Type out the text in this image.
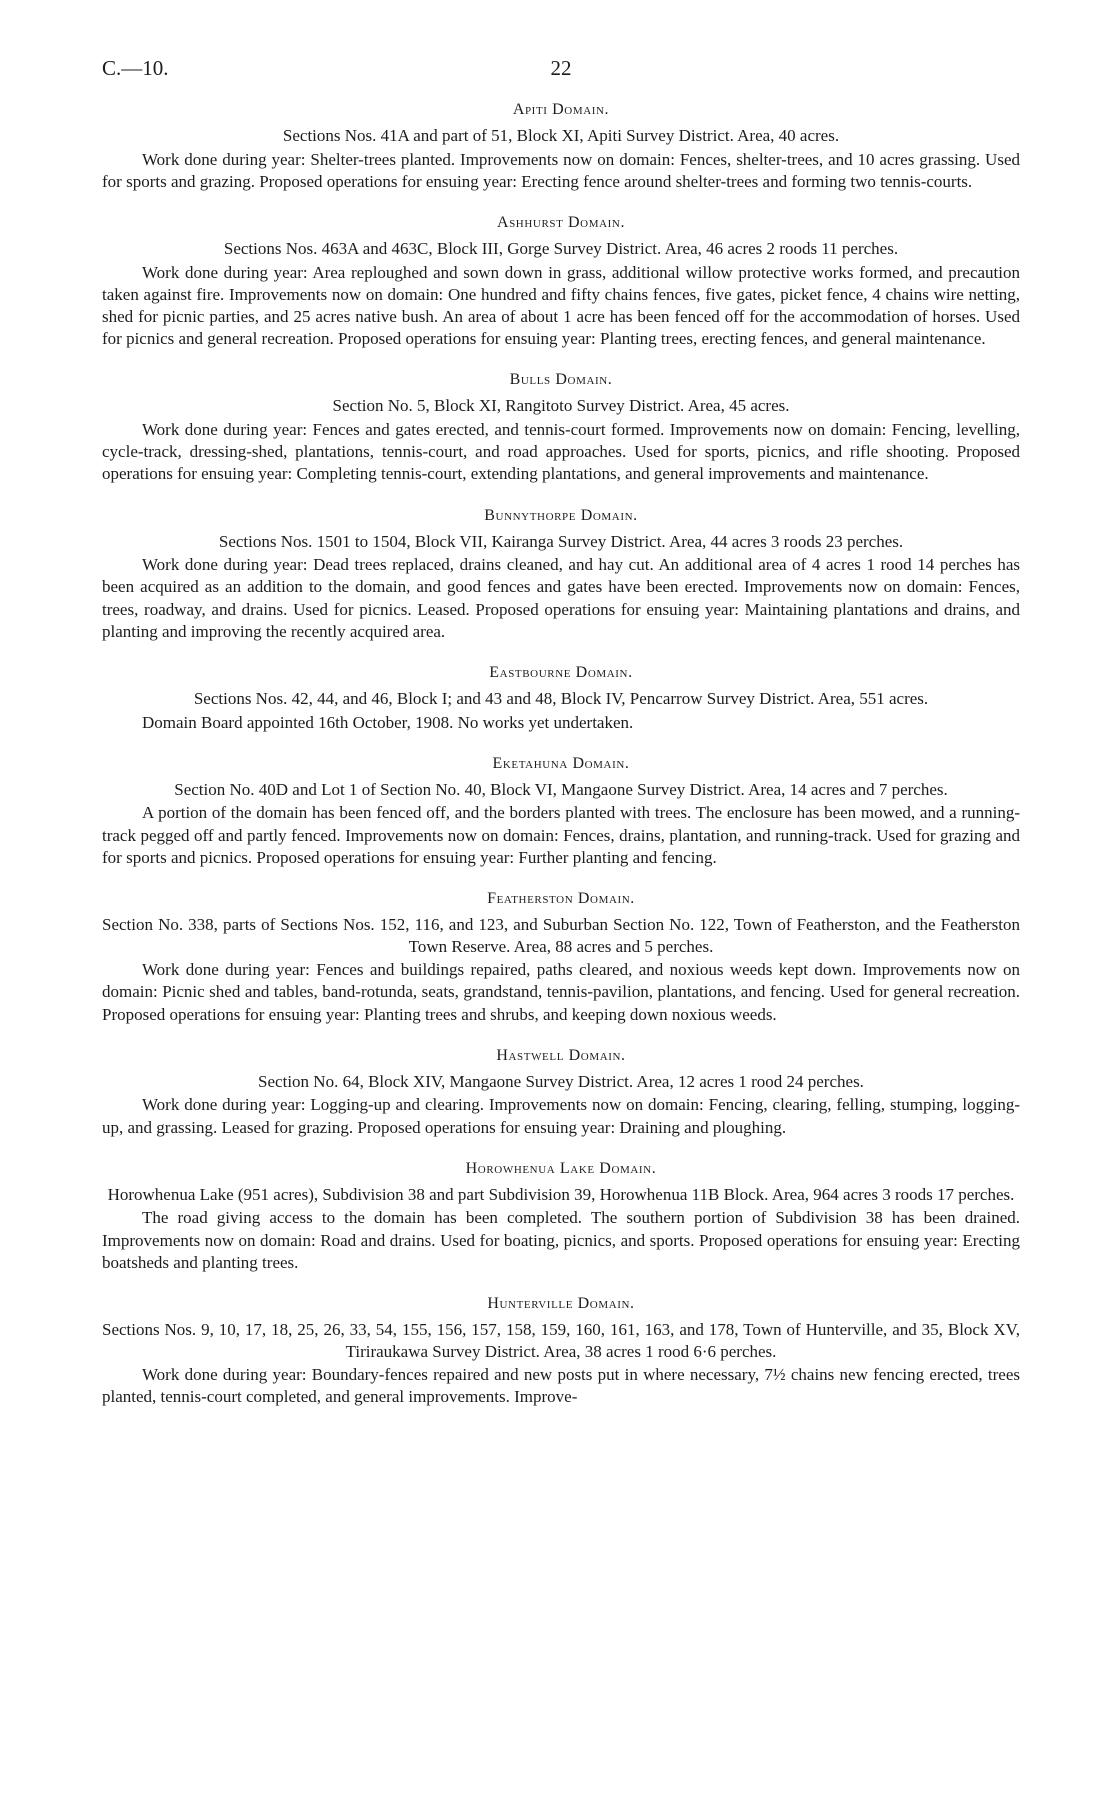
C.—10.	22
Apiti Domain.

Sections Nos. 41A and part of 51, Block XI, Apiti Survey District. Area, 40 acres.

Work done during year: Shelter-trees planted. Improvements now on domain: Fences, shelter-trees, and 10 acres grassing. Used for sports and grazing. Proposed operations for ensuing year: Erecting fence around shelter-trees and forming two tennis-courts.

Ashhurst Domain.

Sections Nos. 463A and 463C, Block III, Gorge Survey District. Area, 46 acres 2 roods 11 perches.

Work done during year: Area reploughed and sown down in grass, additional willow protective works formed, and precaution taken against fire. Improvements now on domain: One hundred and fifty chains fences, five gates, picket fence, 4 chains wire netting, shed for picnic parties, and 25 acres native bush. An area of about 1 acre has been fenced off for the accommodation of horses. Used for picnics and general recreation. Proposed operations for ensuing year: Planting trees, erecting fences, and general maintenance.

Bulls Domain.

Section No. 5, Block XI, Rangitoto Survey District. Area, 45 acres.

Work done during year: Fences and gates erected, and tennis-court formed. Improvements now on domain: Fencing, levelling, cycle-track, dressing-shed, plantations, tennis-court, and road approaches. Used for sports, picnics, and rifle shooting. Proposed operations for ensuing year: Completing tennis-court, extending plantations, and general improvements and maintenance.

Bunnythorpe Domain.

Sections Nos. 1501 to 1504, Block VII, Kairanga Survey District. Area, 44 acres 3 roods 23 perches.

Work done during year: Dead trees replaced, drains cleaned, and hay cut. An additional area of 4 acres 1 rood 14 perches has been acquired as an addition to the domain, and good fences and gates have been erected. Improvements now on domain: Fences, trees, roadway, and drains. Used for picnics. Leased. Proposed operations for ensuing year: Maintaining plantations and drains, and planting and improving the recently acquired area.

Eastbourne Domain.

Sections Nos. 42, 44, and 46, Block I; and 43 and 48, Block IV, Pencarrow Survey District. Area, 551 acres.

Domain Board appointed 16th October, 1908. No works yet undertaken.

Eketahuna Domain.

Section No. 40D and Lot 1 of Section No. 40, Block VI, Mangaone Survey District. Area, 14 acres and 7 perches.

A portion of the domain has been fenced off, and the borders planted with trees. The enclosure has been mowed, and a running-track pegged off and partly fenced. Improvements now on domain: Fences, drains, plantation, and running-track. Used for grazing and for sports and picnics. Proposed operations for ensuing year: Further planting and fencing.

Featherston Domain.

Section No. 338, parts of Sections Nos. 152, 116, and 123, and Suburban Section No. 122, Town of Featherston, and the Featherston Town Reserve. Area, 88 acres and 5 perches.

Work done during year: Fences and buildings repaired, paths cleared, and noxious weeds kept down. Improvements now on domain: Picnic shed and tables, band-rotunda, seats, grandstand, tennis-pavilion, plantations, and fencing. Used for general recreation. Proposed operations for ensuing year: Planting trees and shrubs, and keeping down noxious weeds.

Hastwell Domain.

Section No. 64, Block XIV, Mangaone Survey District. Area, 12 acres 1 rood 24 perches.

Work done during year: Logging-up and clearing. Improvements now on domain: Fencing, clearing, felling, stumping, logging-up, and grassing. Leased for grazing. Proposed operations for ensuing year: Draining and ploughing.

Horowhenua Lake Domain.

Horowhenua Lake (951 acres), Subdivision 38 and part Subdivision 39, Horowhenua 11B Block. Area, 964 acres 3 roods 17 perches.

The road giving access to the domain has been completed. The southern portion of Subdivision 38 has been drained. Improvements now on domain: Road and drains. Used for boating, picnics, and sports. Proposed operations for ensuing year: Erecting boatsheds and planting trees.

Hunterville Domain.

Sections Nos. 9, 10, 17, 18, 25, 26, 33, 54, 155, 156, 157, 158, 159, 160, 161, 163, and 178, Town of Hunterville, and 35, Block XV, Tiriraukawa Survey District. Area, 38 acres 1 rood 6·6 perches.

Work done during year: Boundary-fences repaired and new posts put in where necessary, 7½ chains new fencing erected, trees planted, tennis-court completed, and general improvements. Improve-
